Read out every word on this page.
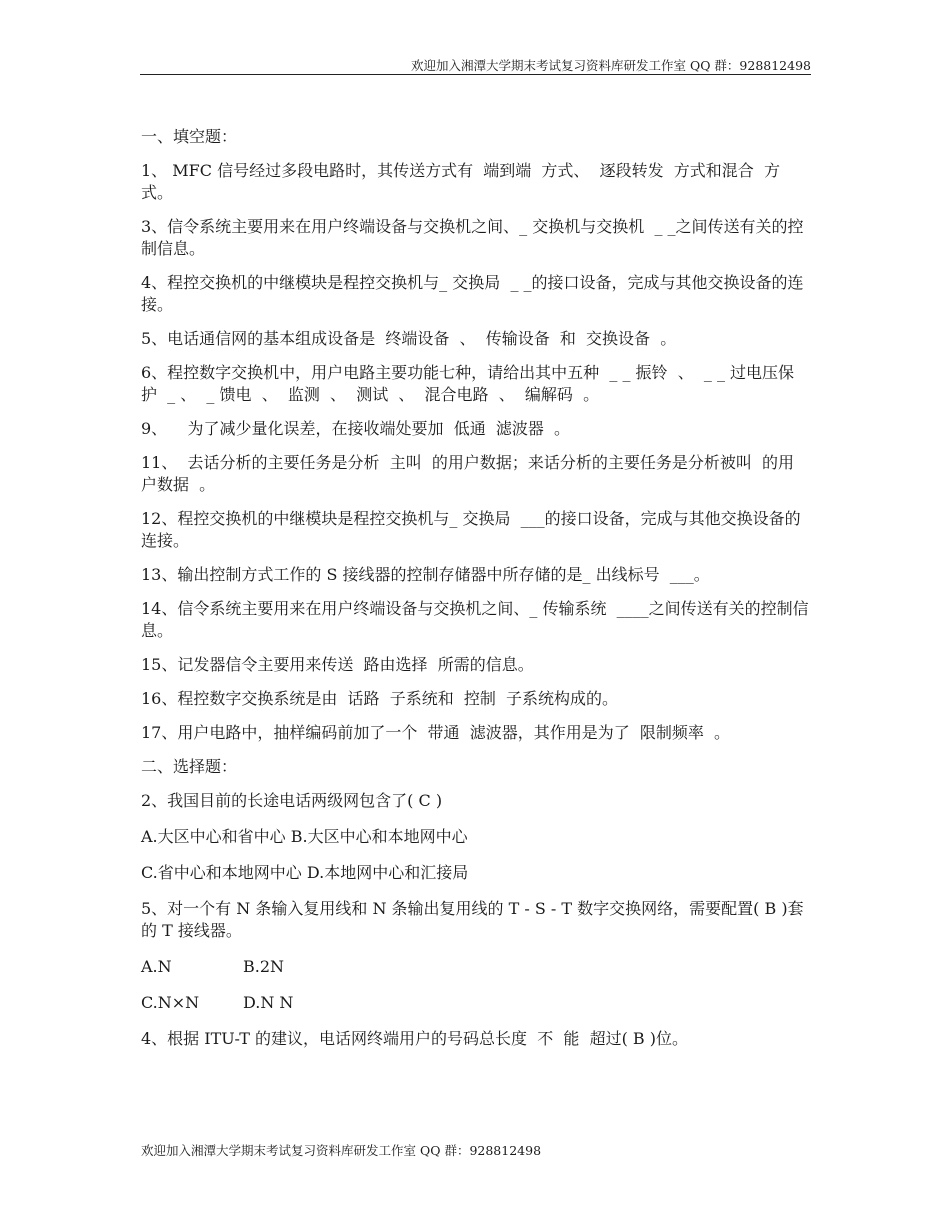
欢迎加入湘潭大学期末考试复习资料库研发工作室 QQ 群：928812498

一、填空题：

1、 MFC 信号经过多段电路时，其传送方式有  端到端  方式、  逐段转发  方式和混合  方式。

3、信令系统主要用来在用户终端设备与交换机之间、_ 交换机与交换机  _ _之间传送有关的控制信息。

4、程控交换机的中继模块是程控交换机与_ 交换局  _ _的接口设备，完成与其他交换设备的连接。

5、电话通信网的基本组成设备是  终端设备  、  传输设备  和  交换设备  。

6、程控数字交换机中，用户电路主要功能七种，请给出其中五种  _ _ 振铃  、  _ _ 过电压保护  _ 、  _ 馈电  、  监测  、  测试  、  混合电路  、  编解码  。

9、    为了减少量化误差，在接收端处要加  低通  滤波器  。

11、  去话分析的主要任务是分析  主叫  的用户数据；来话分析的主要任务是分析被叫  的用户数据  。

12、程控交换机的中继模块是程控交换机与_ 交换局  ___的接口设备，完成与其他交换设备的连接。

13、输出控制方式工作的 S 接线器的控制存储器中所存储的是_ 出线标号  ___。

14、信令系统主要用来在用户终端设备与交换机之间、_ 传输系统  ____之间传送有关的控制信息。

15、记发器信令主要用来传送  路由选择  所需的信息。

16、程控数字交换系统是由  话路  子系统和  控制  子系统构成的。

17、用户电路中，抽样编码前加了一个  带通  滤波器，其作用是为了  限制频率  。

二、选择题：

2、我国目前的长途电话两级网包含了( C )

A.大区中心和省中心 B.大区中心和本地网中心

C.省中心和本地网中心 D.本地网中心和汇接局

5、对一个有 N 条输入复用线和 N 条输出复用线的 T - S - T 数字交换网络，需要配置( B )套的 T 接线器。

A.N	B.2N
C.N×N	D.N N

4、根据 ITU-T 的建议，电话网终端用户的号码总长度  不  能  超过( B )位。

欢迎加入湘潭大学期末考试复习资料库研发工作室 QQ 群：928812498
